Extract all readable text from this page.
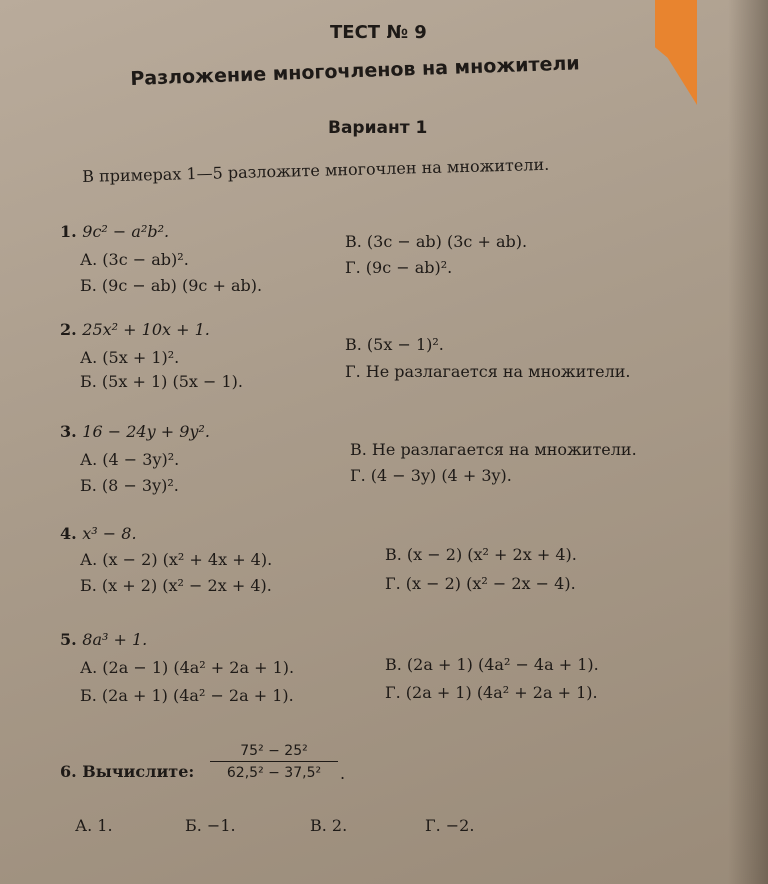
ТЕСТ № 9
Разложение многочленов на множители
Вариант 1
В примерах 1—5 разложите многочлен на множители.
1. 9c² − a²b².
А. (3c − ab)².
Б. (9c − ab) (9c + ab).
В. (3c − ab) (3c + ab).
Г. (9c − ab)².
2. 25x² + 10x + 1.
А. (5x + 1)².
Б. (5x + 1) (5x − 1).
В. (5x − 1)².
Г. Не разлагается на множители.
3. 16 − 24y + 9y².
А. (4 − 3y)².
Б. (8 − 3y)².
В. Не разлагается на множители.
Г. (4 − 3y) (4 + 3y).
4. x³ − 8.
А. (x − 2) (x² + 4x + 4).
Б. (x + 2) (x² − 2x + 4).
В. (x − 2) (x² + 2x + 4).
Г. (x − 2) (x² − 2x − 4).
5. 8a³ + 1.
А. (2a − 1) (4a² + 2a + 1).
Б. (2a + 1) (4a² − 2a + 1).
В. (2a + 1) (4a² − 4a + 1).
Г. (2a + 1) (4a² + 2a + 1).
6. Вычислите:
75² − 25²
62,5² − 37,5²	.
А. 1.	Б. −1.	В. 2.	Г. −2.
